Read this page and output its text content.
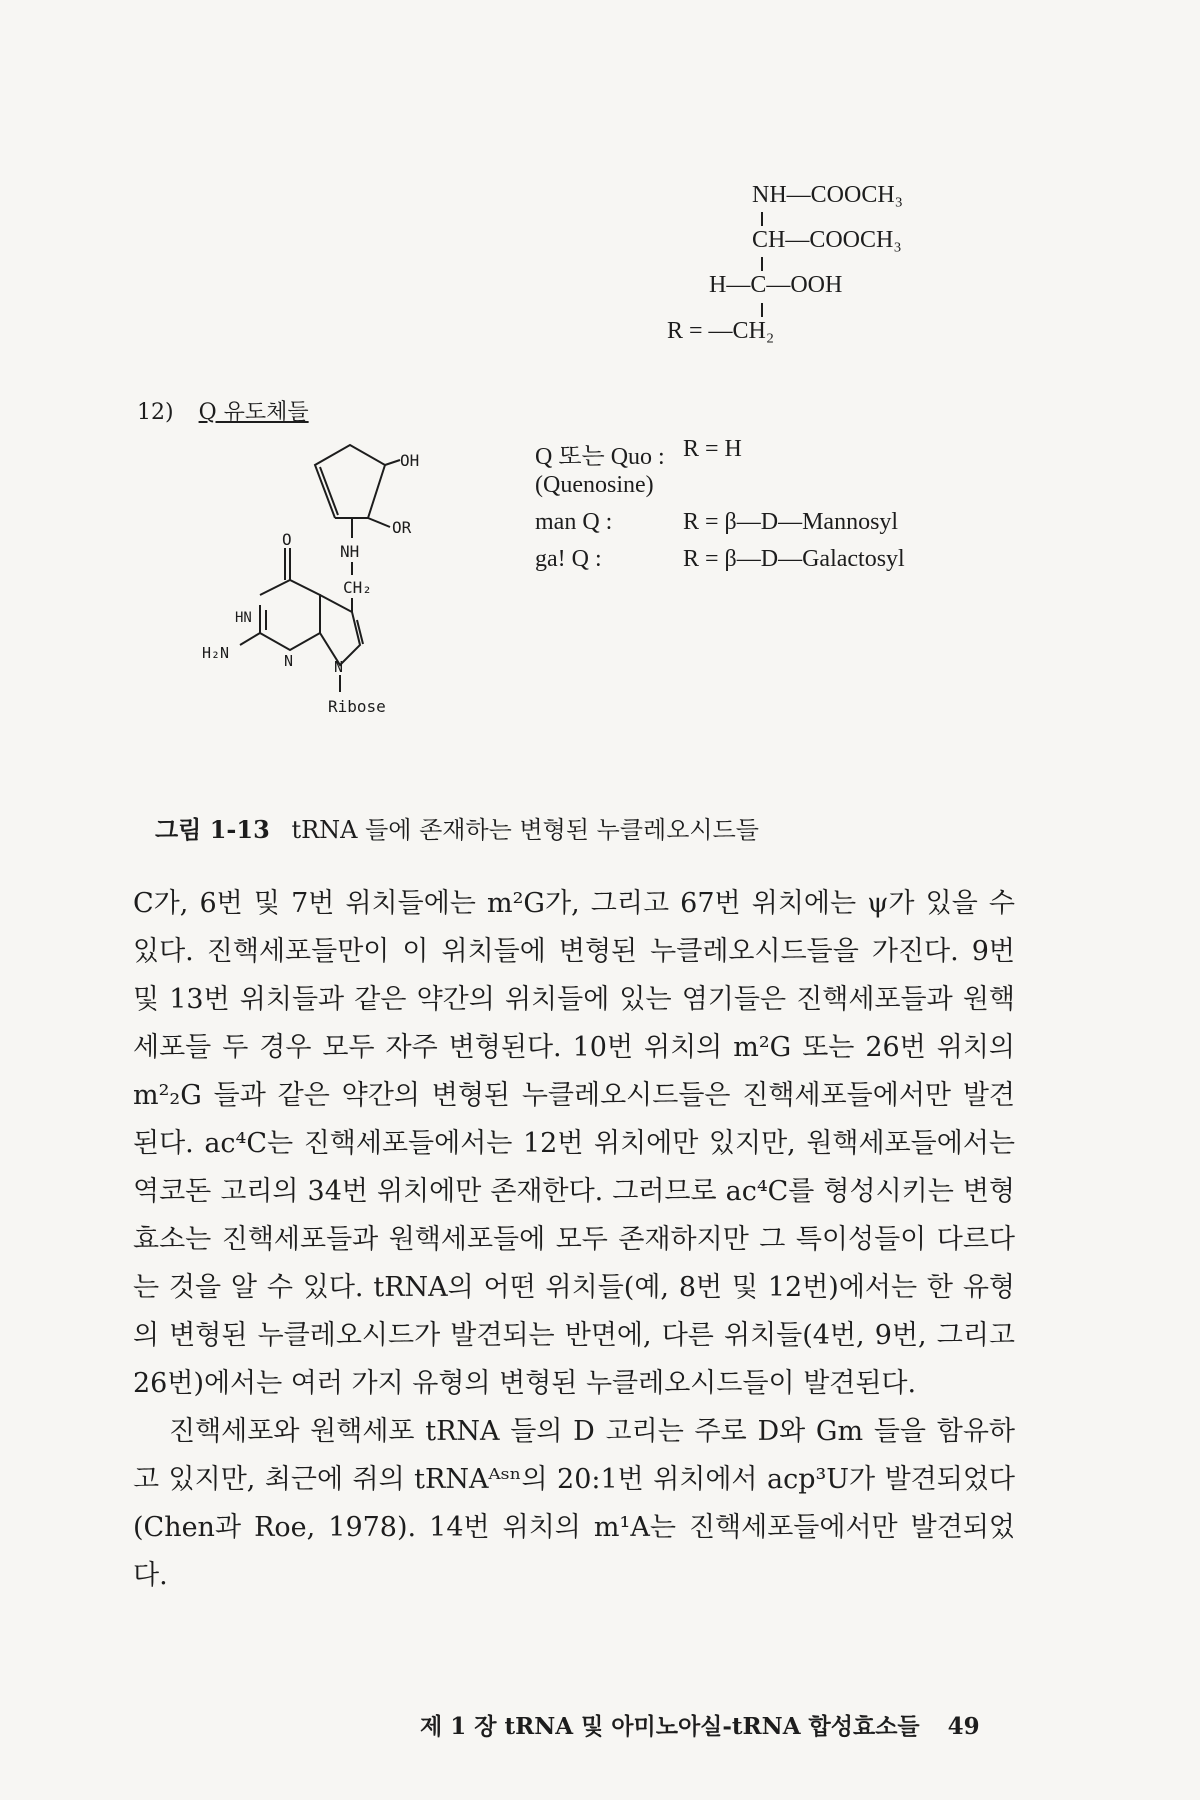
NH—COOCH₃
CH—COOCH₃
H—C—OOH
R = —CH₂
12) Q 유도체들
OH
OR
NH
CH₂
O
HN
H₂N	N	N
Ribose
Q 또는 Quo : R = H
(Quenosine)
man Q :	R = β—D—Mannosyl
ga! Q :	R = β—D—Galactosyl
그림 1-13 tRNA 들에 존재하는 변형된 누클레오시드들

C가, 6번 및 7번 위치들에는 m²G가, 그리고 67번 위치에는 ψ가 있을 수 있다. 진핵세포들만이 이 위치들에 변형된 누클레오시드들을 가진다. 9번 및 13번 위치들과 같은 약간의 위치들에 있는 염기들은 진핵세포들과 원핵세포들 두 경우 모두 자주 변형된다. 10번 위치의 m²G 또는 26번 위치의 m²₂G 들과 같은 약간의 변형된 누클레오시드들은 진핵세포들에서만 발견된다. ac⁴C는 진핵세포들에서는 12번 위치에만 있지만, 원핵세포들에서는 역코돈 고리의 34번 위치에만 존재한다. 그러므로 ac⁴C를 형성시키는 변형 효소는 진핵세포들과 원핵세포들에 모두 존재하지만 그 특이성들이 다르다는 것을 알 수 있다. tRNA의 어떤 위치들(예, 8번 및 12번)에서는 한 유형의 변형된 누클레오시드가 발견되는 반면에, 다른 위치들(4번, 9번, 그리고 26번)에서는 여러 가지 유형의 변형된 누클레오시드들이 발견된다.

진핵세포와 원핵세포 tRNA 들의 D 고리는 주로 D와 Gm 들을 함유하고 있지만, 최근에 쥐의 tRNAᴬˢⁿ의 20:1번 위치에서 acp³U가 발견되었다(Chen과 Roe, 1978). 14번 위치의 m¹A는 진핵세포들에서만 발견되었다.

제 1 장 tRNA 및 아미노아실-tRNA 합성효소들 49
